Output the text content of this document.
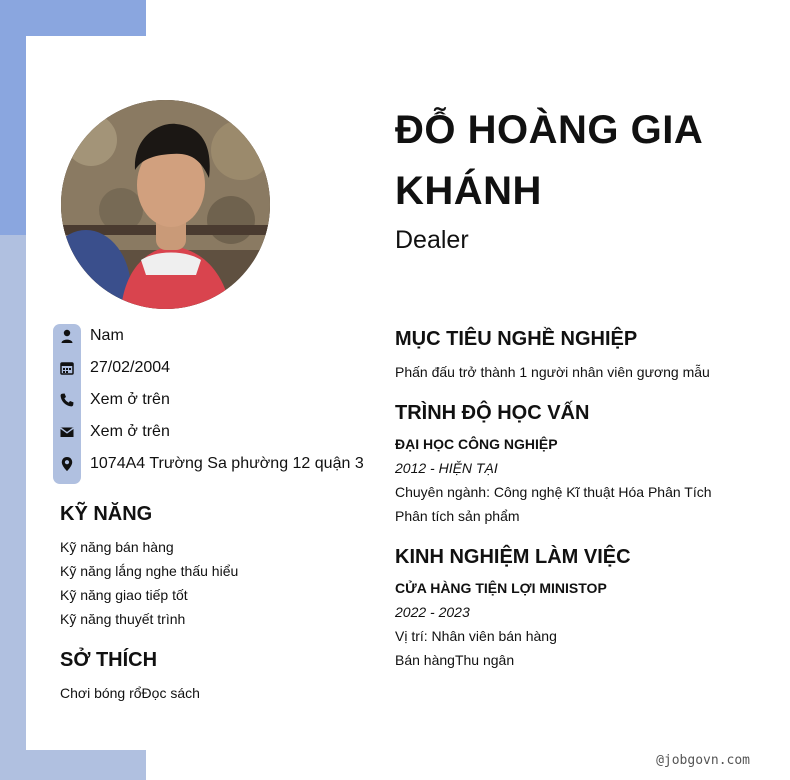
ĐỖ HOÀNG GIA KHÁNH
Dealer
Nam
27/02/2004
Xem ở trên
Xem ở trên
1074A4 Trường Sa phường 12 quận 3
KỸ NĂNG
Kỹ năng bán hàng
Kỹ năng lắng nghe thấu hiểu
Kỹ năng giao tiếp tốt
Kỹ năng thuyết trình
SỞ THÍCH
Chơi bóng rổĐọc sách
MỤC TIÊU NGHỀ NGHIỆP
Phấn đấu trở thành 1 người nhân viên gương mẫu
TRÌNH ĐỘ HỌC VẤN
ĐẠI HỌC CÔNG NGHIỆP
2012 - HIỆN TẠI
Chuyên ngành: Công nghệ Kĩ thuật Hóa Phân Tích
Phân tích sản phẩm
KINH NGHIỆM LÀM VIỆC
CỬA HÀNG TIỆN LỢI MINISTOP
2022 - 2023
Vị trí: Nhân viên bán hàng
Bán hàngThu ngân
@jobgovn.com
